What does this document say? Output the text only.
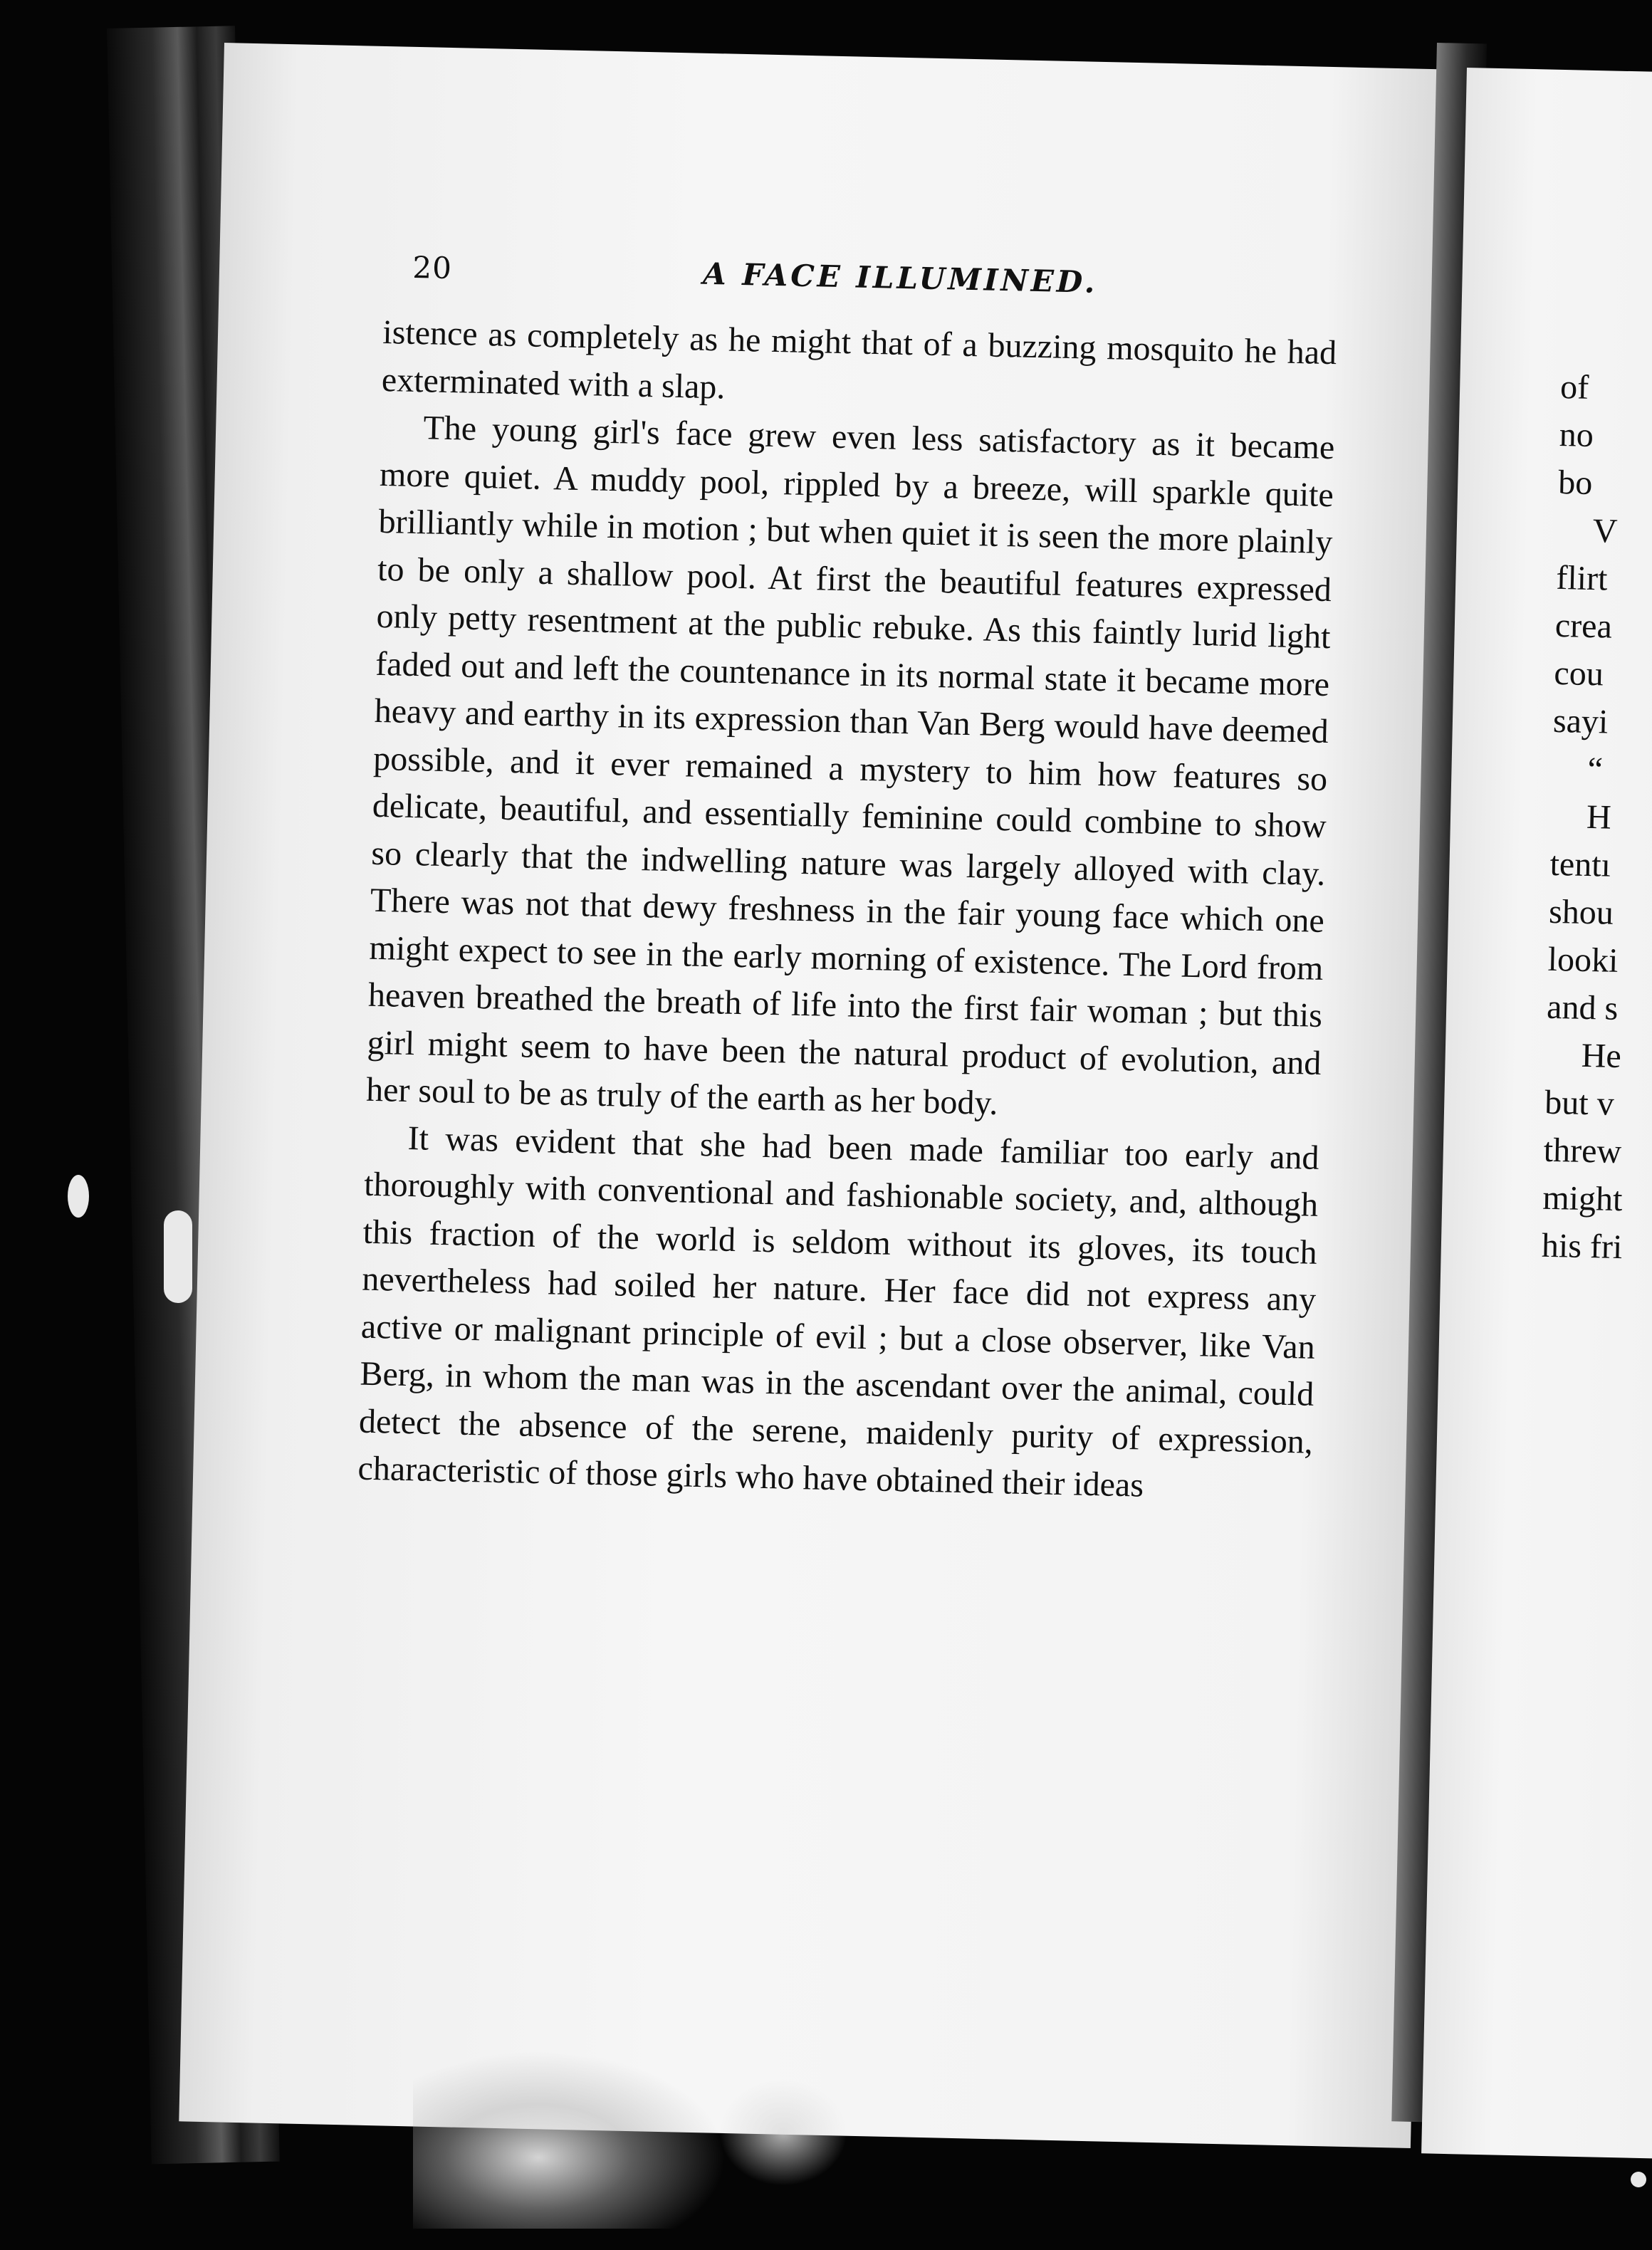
20	A FACE ILLUMINED.

istence as completely as he might that of a buzzing mosquito he had exterminated with a slap.

The young girl's face grew even less satisfactory as it became more quiet. A muddy pool, rippled by a breeze, will sparkle quite brilliantly while in motion ; but when quiet it is seen the more plainly to be only a shallow pool. At first the beautiful features expressed only petty resentment at the public rebuke. As this faintly lurid light faded out and left the countenance in its normal state it became more heavy and earthy in its expression than Van Berg would have deemed possible, and it ever remained a mystery to him how features so delicate, beautiful, and essentially feminine could combine to show so clearly that the indwelling nature was largely alloyed with clay. There was not that dewy freshness in the fair young face which one might expect to see in the early morning of existence. The Lord from heaven breathed the breath of life into the first fair woman ; but this girl might seem to have been the natural product of evolution, and her soul to be as truly of the earth as her body.

It was evident that she had been made familiar too early and thoroughly with conventional and fashionable society, and, although this fraction of the world is seldom without its gloves, its touch nevertheless had soiled her nature. Her face did not express any active or malignant principle of evil ; but a close observer, like Van Berg, in whom the man was in the ascendant over the animal, could detect the absence of the serene, maidenly purity of expression, characteristic of those girls who have obtained their ideas

of
no
bo
V
flirt
crea
cou
sayi
“
H
tentı
shou
looki
and s
He
but v
threw
might
his fri
